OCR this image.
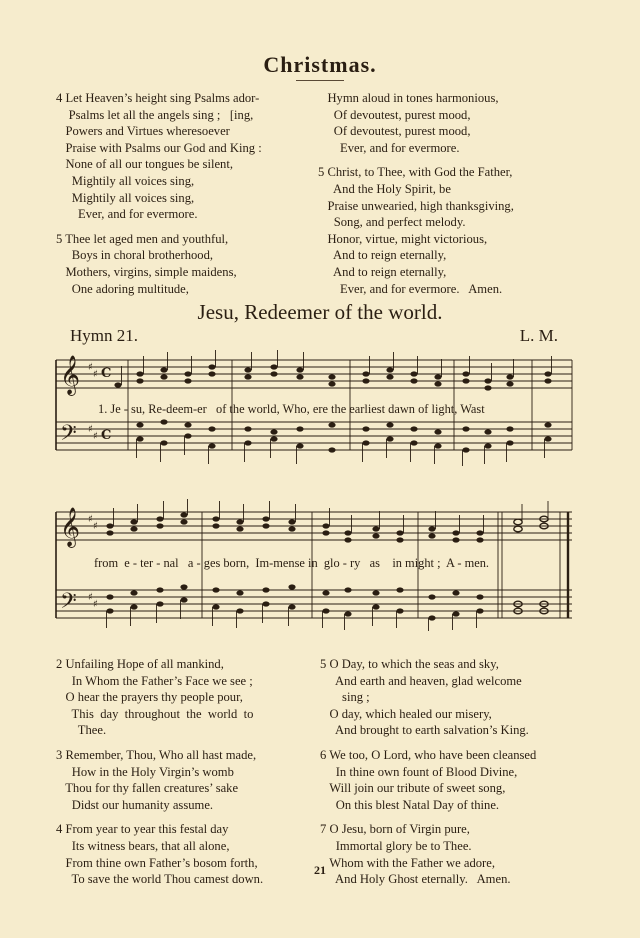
Christmas.
4 Let Heaven’s height sing Psalms ador-
Psalms let all the angels sing ;   [ing,
Powers and Virtues wheresoever
Praise with Psalms our God and King :
None of all our tongues be silent,
Mightily all voices sing,
Mightily all voices sing,
Ever, and for evermore.
5 Thee let aged men and youthful,
Boys in choral brotherhood,
Mothers, virgins, simple maidens,
One adoring multitude,
Hymn aloud in tones harmonious,
Of devoutest, purest mood,
Of devoutest, purest mood,
Ever, and for evermore.
5 Christ, to Thee, with God the Father,
And the Holy Spirit, be
Praise unwearied, high thanksgiving,
Song, and perfect melody.
Honor, virtue, might victorious,
And to reign eternally,
And to reign eternally,
Ever, and for evermore.   Amen.
Jesu, Redeemer of the world.
Hymn 21.	L. M.
𝄞
𝄢
♯
♯
♯
♯
C
C
1. Je - su, Re-deem-er   of the world, Who, ere the earliest dawn of light, Wast
𝄞
𝄢
♯
♯
♯
♯
from  e - ter - nal   a - ges born,  Im-mense in  glo - ry   as    in might ;  A - men.
2 Unfailing Hope of all mankind,
In Whom the Father’s Face we see ;
O hear the prayers thy people pour,
This  day  throughout  the  world  to
Thee.
3 Remember, Thou, Who all hast made,
How in the Holy Virgin’s womb
Thou for thy fallen creatures’ sake
Didst our humanity assume.
4 From year to year this festal day
Its witness bears, that all alone,
From thine own Father’s bosom forth,
To save the world Thou camest down.
5 O Day, to which the seas and sky,
And earth and heaven, glad welcome
sing ;
O day, which healed our misery,
And brought to earth salvation’s King.
6 We too, O Lord, who have been cleansed
In thine own fount of Blood Divine,
Will join our tribute of sweet song,
On this blest Natal Day of thine.
7 O Jesu, born of Virgin pure,
Immortal glory be to Thee.
Whom with the Father we adore,
And Holy Ghost eternally.   Amen.
21
